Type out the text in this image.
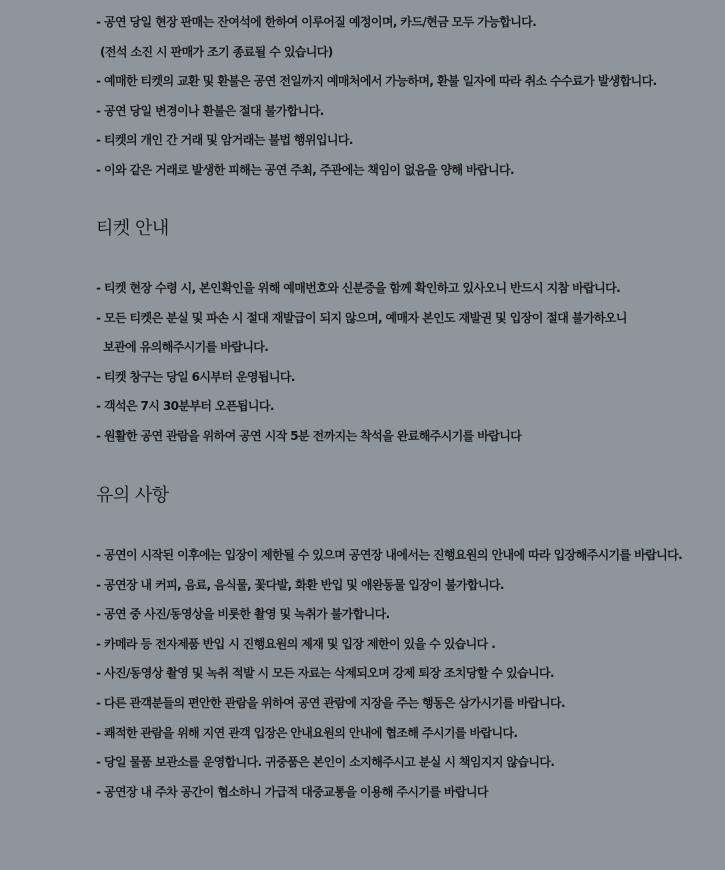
- 공연 당일 현장 판매는 잔여석에 한하여 이루어질 예정이며, 카드/현금 모두 가능합니다.
(전석 소진 시 판매가 조기 종료될 수 있습니다)
- 예매한 티켓의 교환 및 환불은 공연 전일까지 예매처에서 가능하며, 환불 일자에 따라 취소 수수료가 발생합니다.
- 공연 당일 변경이나 환불은 절대 불가합니다.
- 티켓의 개인 간 거래 및 암거래는 불법 행위입니다.
- 이와 같은 거래로 발생한 피해는 공연 주최, 주관에는 책임이 없음을 양해 바랍니다.
티켓 안내
- 티켓 현장 수령 시, 본인확인을 위해 예매번호와 신분증을 함께 확인하고 있사오니 반드시 지참 바랍니다.
- 모든 티켓은 분실 및 파손 시 절대 재발급이 되지 않으며, 예매자 본인도 재발권 및 입장이 절대 불가하오니
보관에 유의해주시기를 바랍니다.
- 티켓 창구는 당일 6시부터 운영됩니다.
- 객석은 7시 30분부터 오픈됩니다.
- 원활한 공연 관람을 위하여 공연 시작 5분 전까지는 착석을 완료해주시기를 바랍니다
유의 사항
- 공연이 시작된 이후에는 입장이 제한될 수 있으며 공연장 내에서는 진행요원의 안내에 따라 입장해주시기를 바랍니다.
- 공연장 내 커피, 음료, 음식물, 꽃다발, 화환 반입 및 애완동물 입장이 불가합니다.
- 공연 중 사진/동영상을 비롯한 촬영 및 녹취가 불가합니다.
- 카메라 등 전자제품 반입 시 진행요원의 제재 및 입장 제한이 있을 수 있습니다 .
- 사진/동영상 촬영 및 녹취 적발 시 모든 자료는 삭제되오며 강제 퇴장 조치당할 수 있습니다.
- 다른 관객분들의 편안한 관람을 위하여 공연 관람에 지장을 주는 행동은 삼가시기를 바랍니다.
- 쾌적한 관람을 위해 지연 관객 입장은 안내요원의 안내에 협조해 주시기를 바랍니다.
- 당일 물품 보관소를 운영합니다. 귀중품은 본인이 소지해주시고 분실 시 책임지지 않습니다.
- 공연장 내 주차 공간이 협소하니 가급적 대중교통을 이용해 주시기를 바랍니다
